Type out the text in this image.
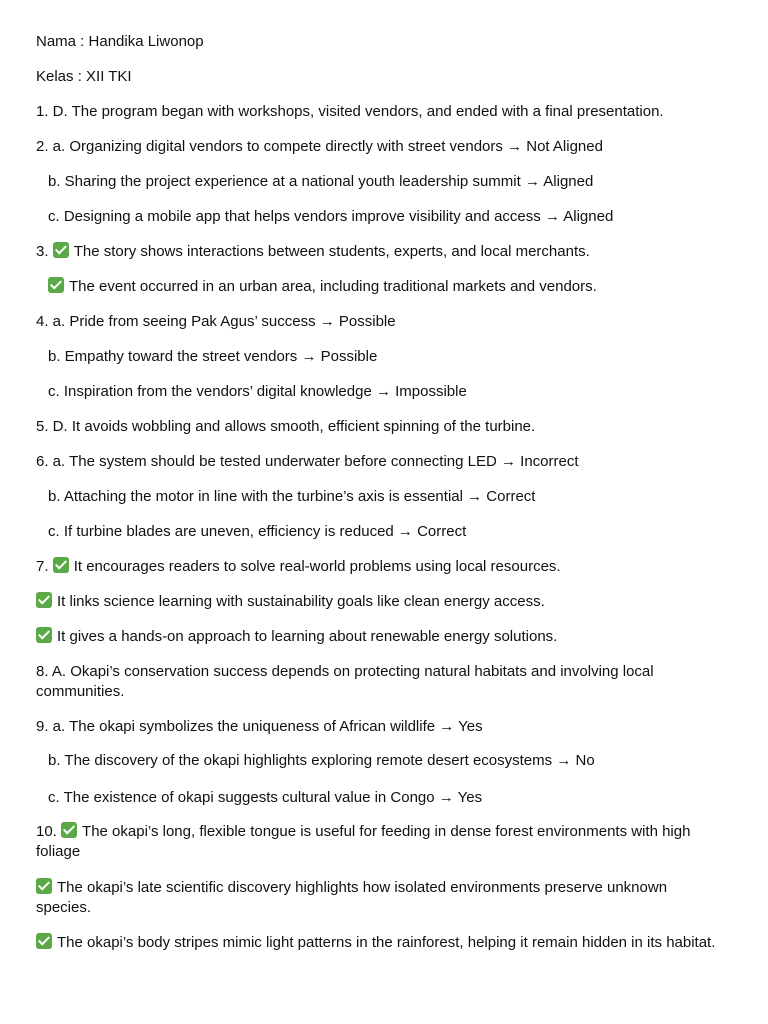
Nama : Handika Liwonop
Kelas : XII TKI
1. D. The program began with workshops, visited vendors, and ended with a final presentation.
2. a. Organizing digital vendors to compete directly with street vendors → Not Aligned
b. Sharing the project experience at a national youth leadership summit → Aligned
c. Designing a mobile app that helps vendors improve visibility and access → Aligned
3. The story shows interactions between students, experts, and local merchants.
The event occurred in an urban area, including traditional markets and vendors.
4. a. Pride from seeing Pak Agus’ success → Possible
b. Empathy toward the street vendors → Possible
c. Inspiration from the vendors’ digital knowledge → Impossible
5. D. It avoids wobbling and allows smooth, efficient spinning of the turbine.
6. a. The system should be tested underwater before connecting LED → Incorrect
b. Attaching the motor in line with the turbine’s axis is essential → Correct
c. If turbine blades are uneven, efficiency is reduced → Correct
7. It encourages readers to solve real-world problems using local resources.
It links science learning with sustainability goals like clean energy access.
It gives a hands-on approach to learning about renewable energy solutions.
8. A. Okapi’s conservation success depends on protecting natural habitats and involving local communities.
9. a. The okapi symbolizes the uniqueness of African wildlife → Yes
b. The discovery of the okapi highlights exploring remote desert ecosystems → No
c. The existence of okapi suggests cultural value in Congo → Yes
10. The okapi’s long, flexible tongue is useful for feeding in dense forest environments with high foliage
The okapi’s late scientific discovery highlights how isolated environments preserve unknown species.
The okapi’s body stripes mimic light patterns in the rainforest, helping it remain hidden in its habitat.
